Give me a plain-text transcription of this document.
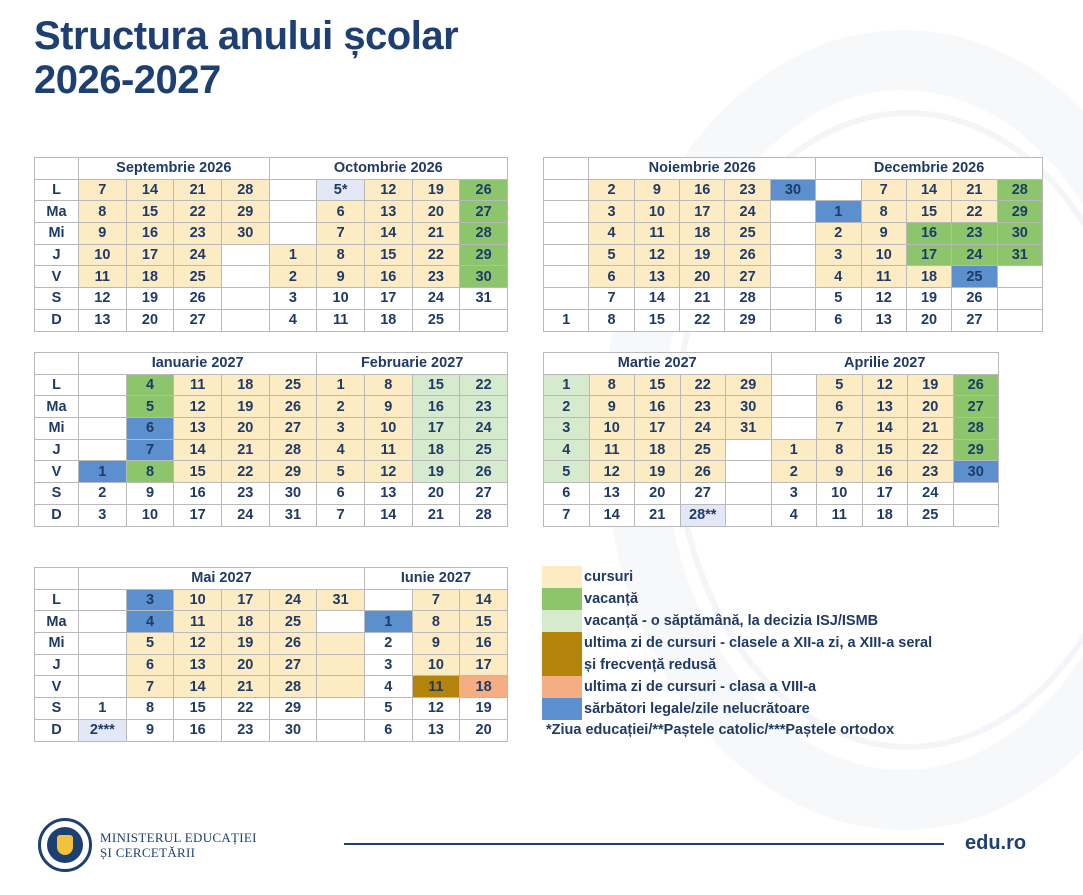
Structura anului școlar
2026-2027
	Septembrie 2026				Octombrie 2026				
L	7	14	21	28		5*	12	19	26
Ma	8	15	22	29		6	13	20	27
Mi	9	16	23	30		7	14	21	28
J	10	17	24		1	8	15	22	29
V	11	18	25		2	9	16	23	30
S	12	19	26		3	10	17	24	31
D	13	20	27		4	11	18	25	
	Noiembrie 2026					Decembrie 2026				
	2	9	16	23	30		7	14	21	28
	3	10	17	24		1	8	15	22	29
	4	11	18	25		2	9	16	23	30
	5	12	19	26		3	10	17	24	31
	6	13	20	27		4	11	18	25	
	7	14	21	28		5	12	19	26	
1	8	15	22	29		6	13	20	27	
	Ianuarie 2027					Februarie 2027			
L		4	11	18	25	1	8	15	22
Ma		5	12	19	26	2	9	16	23
Mi		6	13	20	27	3	10	17	24
J		7	14	21	28	4	11	18	25
V	1	8	15	22	29	5	12	19	26
S	2	9	16	23	30	6	13	20	27
D	3	10	17	24	31	7	14	21	28
Martie 2027					Aprilie 2027				
1	8	15	22	29		5	12	19	26
2	9	16	23	30		6	13	20	27
3	10	17	24	31		7	14	21	28
4	11	18	25		1	8	15	22	29
5	12	19	26		2	9	16	23	30
6	13	20	27		3	10	17	24	
7	14	21	28**		4	11	18	25	
	Mai 2027						Iunie 2027		
L		3	10	17	24	31		7	14
Ma		4	11	18	25		1	8	15
Mi		5	12	19	26		2	9	16
J		6	13	20	27		3	10	17
V		7	14	21	28		4	11	18
S	1	8	15	22	29		5	12	19
D	2***	9	16	23	30		6	13	20
cursuri
vacanță
vacanță - o săptămână, la decizia ISJ/ISMB
ultima zi de cursuri - clasele a XII-a zi, a XIII-a seral
și frecvență redusă
ultima zi de cursuri - clasa a VIII-a
sărbători legale/zile nelucrătoare
*Ziua educației/**Paștele catolic/***Paștele ortodox
MINISTERUL EDUCAȚIEI
ȘI CERCETĂRII	edu.ro
